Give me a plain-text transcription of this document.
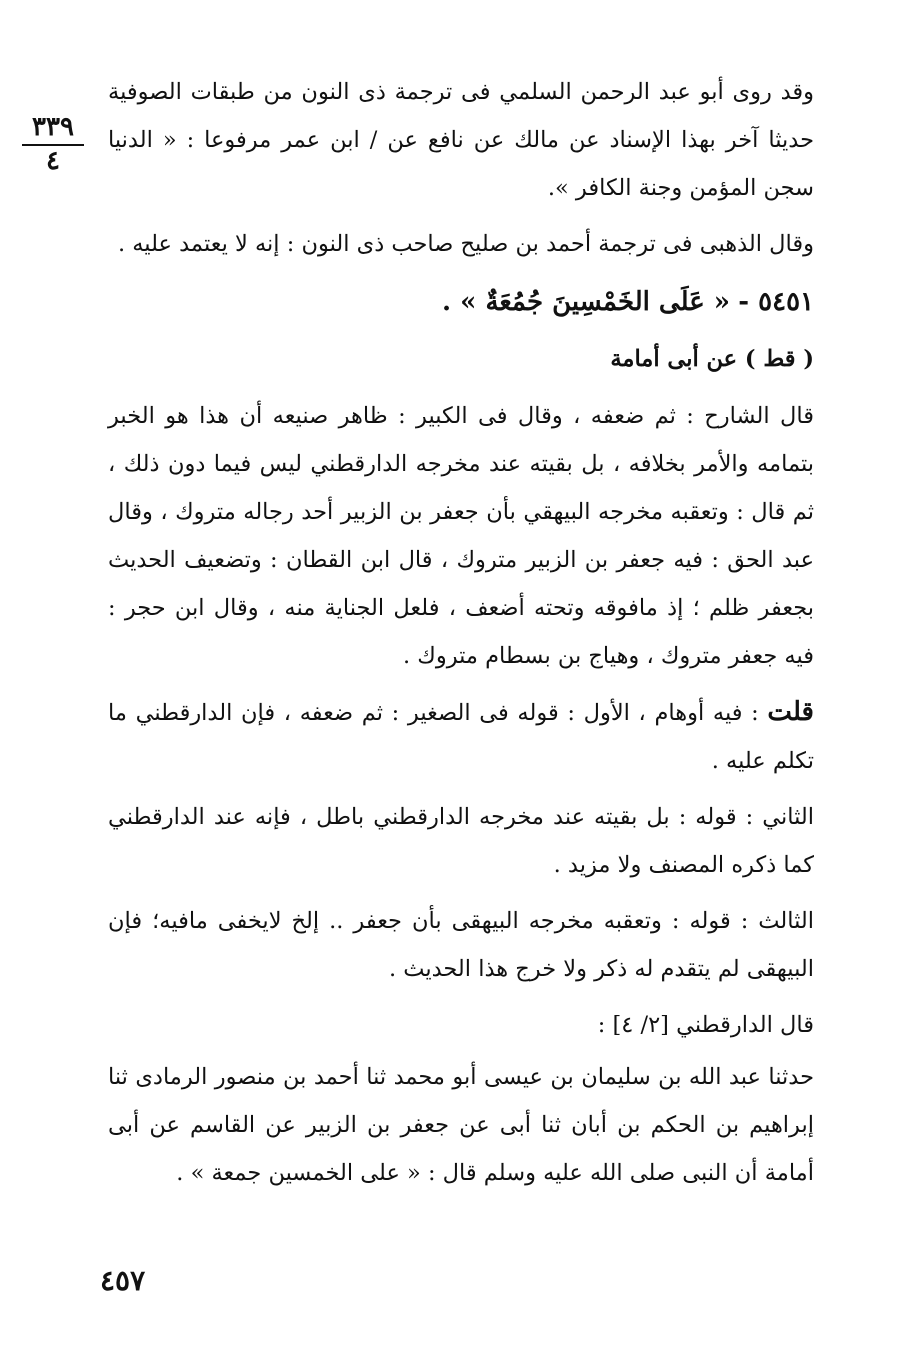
٣٣٩
٤

وقد روى أبو عبد الرحمن السلمي فى ترجمة ذى النون من طبقات الصوفية حديثا آخر بهذا الإسناد عن مالك عن نافع عن / ابن عمر مرفوعا : « الدنيا سجن المؤمن وجنة الكافر ».

وقال الذهبى فى ترجمة أحمد بن صليح صاحب ذى النون : إنه لا يعتمد عليه .

٥٤٥١ - « عَلَى الخَمْسِينَ جُمُعَةٌ » .

( قط ) عن أبى أمامة

قال الشارح : ثم ضعفه ، وقال فى الكبير : ظاهر صنيعه أن هذا هو الخبر بتمامه والأمر بخلافه ، بل بقيته عند مخرجه الدارقطني ليس فيما دون ذلك ، ثم قال : وتعقبه مخرجه البيهقي بأن جعفر بن الزبير أحد رجاله متروك ، وقال عبد الحق : فيه جعفر بن الزبير متروك ، قال ابن القطان : وتضعيف الحديث بجعفر ظلم ؛ إذ مافوقه وتحته أضعف ، فلعل الجناية منه ، وقال ابن حجر : فيه جعفر متروك ، وهياج بن بسطام متروك .

قلت : فيه أوهام ، الأول : قوله فى الصغير : ثم ضعفه ، فإن الدارقطني ما تكلم عليه .

الثاني : قوله : بل بقيته عند مخرجه الدارقطني باطل ، فإنه عند الدارقطني كما ذكره المصنف ولا مزيد .

الثالث : قوله : وتعقبه مخرجه البيهقى بأن جعفر .. إلخ لايخفى مافيه؛ فإن البيهقى لم يتقدم له ذكر ولا خرج هذا الحديث .

قال الدارقطني [٢/ ٤] :

حدثنا عبد الله بن سليمان بن عيسى أبو محمد ثنا أحمد بن منصور الرمادى ثنا إبراهيم بن الحكم بن أبان ثنا أبى عن جعفر بن الزبير عن القاسم عن أبى أمامة أن النبى صلى الله عليه وسلم قال : « على الخمسين جمعة » .

٤٥٧
